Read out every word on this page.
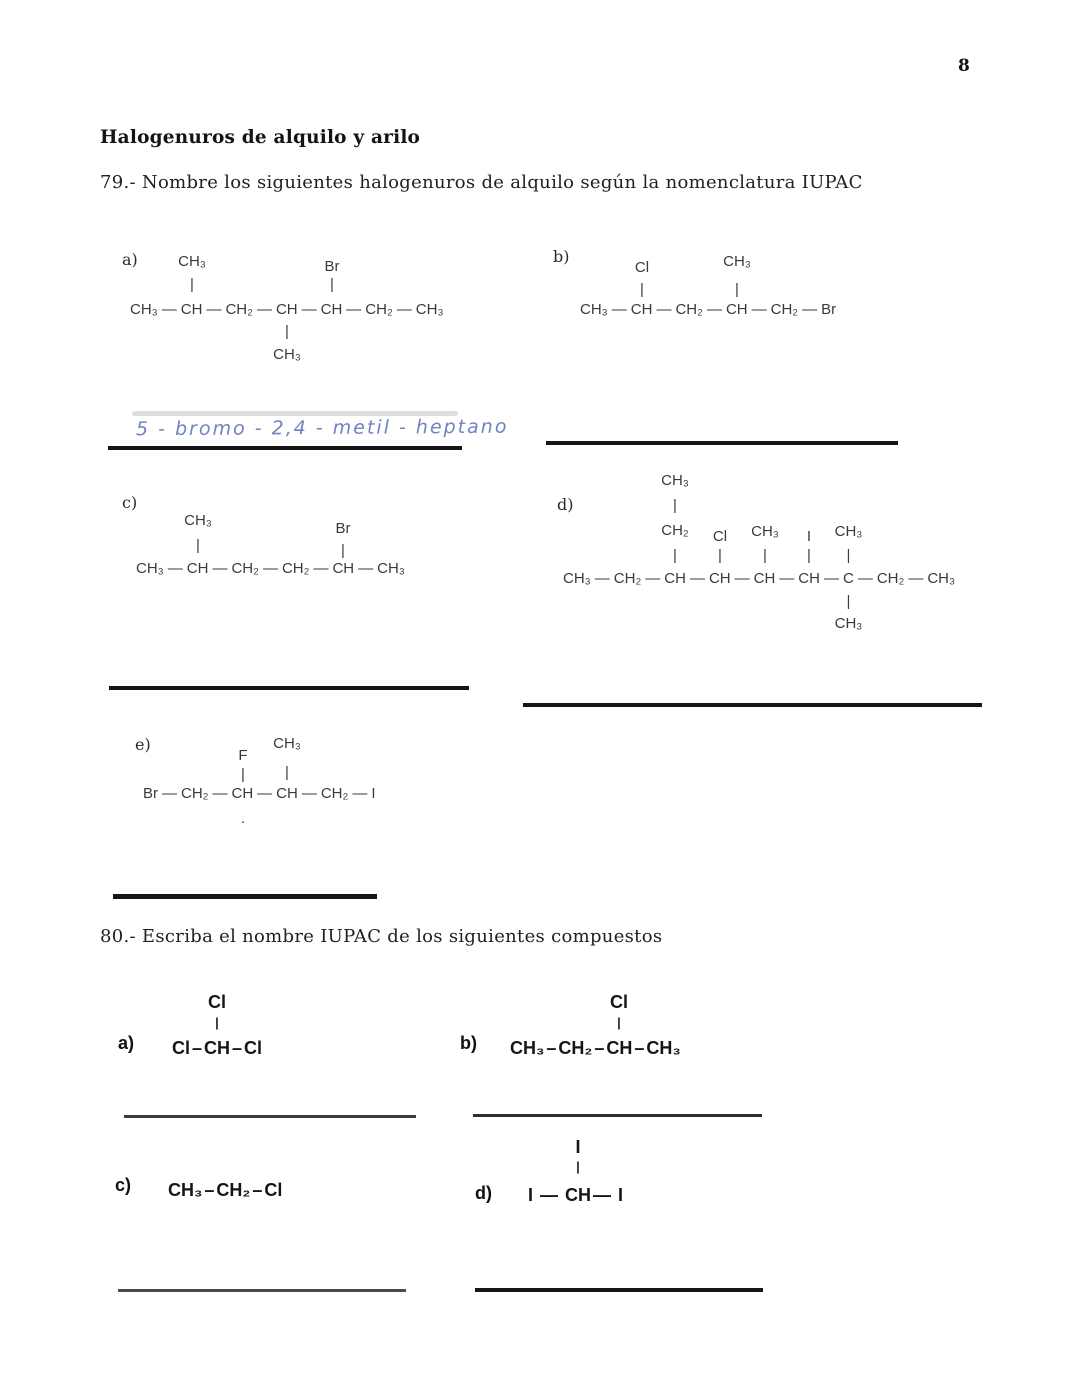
8
Halogenuros de alquilo y arilo
79.- Nombre los siguientes halogenuros de alquilo según la nomenclatura IUPAC
a)
CH₃ — CH — CH₂ — CH — CH — CH₂ — CH₃
CH₃
|
Br
|
|
CH₃
b)
CH₃ — CH — CH₂ — CH — CH₂ — Br
Cl
|
CH₃
|
5 - bromo - 2,4 - metil - heptano
c)
CH₃ — CH — CH₂ — CH₂ — CH — CH₃
CH₃
|
Br
|
d)
CH₃ — CH₂ — CH — CH — CH — CH — C — CH₂ — CH₃
CH₃
|
CH₂
|
Cl
|
CH₃
|
I
|
CH₃
|
|
CH₃
e)
Br — CH₂ — CH — CH — CH₂ — I
F
|
CH₃
|
.
80.- Escriba el nombre IUPAC de los siguientes compuestos
a) Cl – CH – Cl
Cl
|
b) CH₃ – CH₂ – CH – CH₃
Cl
|
c) CH₃ – CH₂ – Cl	d) I — CH — I
I
|
